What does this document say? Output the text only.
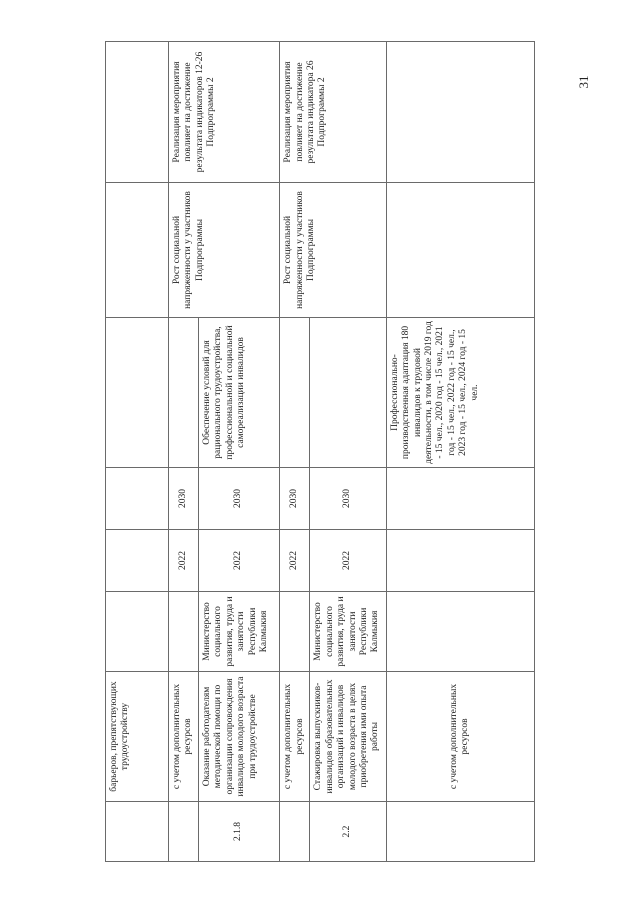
31
	барьеров, препятствующих трудоустройству						
	с учетом дополнительных ресурсов		2022	2030		Рост социальной напряженности у участников Подпрограммы	Реализация мероприятия повлияет на достижение результата индикаторов 12-26 Подпрограммы 2
2.1.8	Оказание работодателям методической помощи по организации сопровождения инвалидов молодого возраста при трудоустройстве	Министерство социального развития, труда и занятости Республики Калмыкия	2022	2030	Обеспечение условий для рационального трудоустройства, профессиональной и социальной самореализации инвалидов		
	с учетом дополнительных ресурсов		2022	2030		Рост социальной напряженности у участников Подпрограммы	Реализация мероприятия повлияет на достижение результата индикатора 26 Подпрограммы 2
2.2	Стажировка выпускников-инвалидов образовательных организаций и инвалидов молодого возраста в целях приобретения ими опыта работы	Министерство социального развития, труда и занятости Республики Калмыкия	2022	2030			
	с учетом дополнительных ресурсов				Профессионально-производственная адаптация 180 инвалидов к трудовой деятельности, в том числе 2019 год - 15 чел., 2020 год - 15 чел., 2021 год - 15 чел., 2022 год - 15 чел., 2023 год - 15 чел., 2024 год - 15 чел.		
